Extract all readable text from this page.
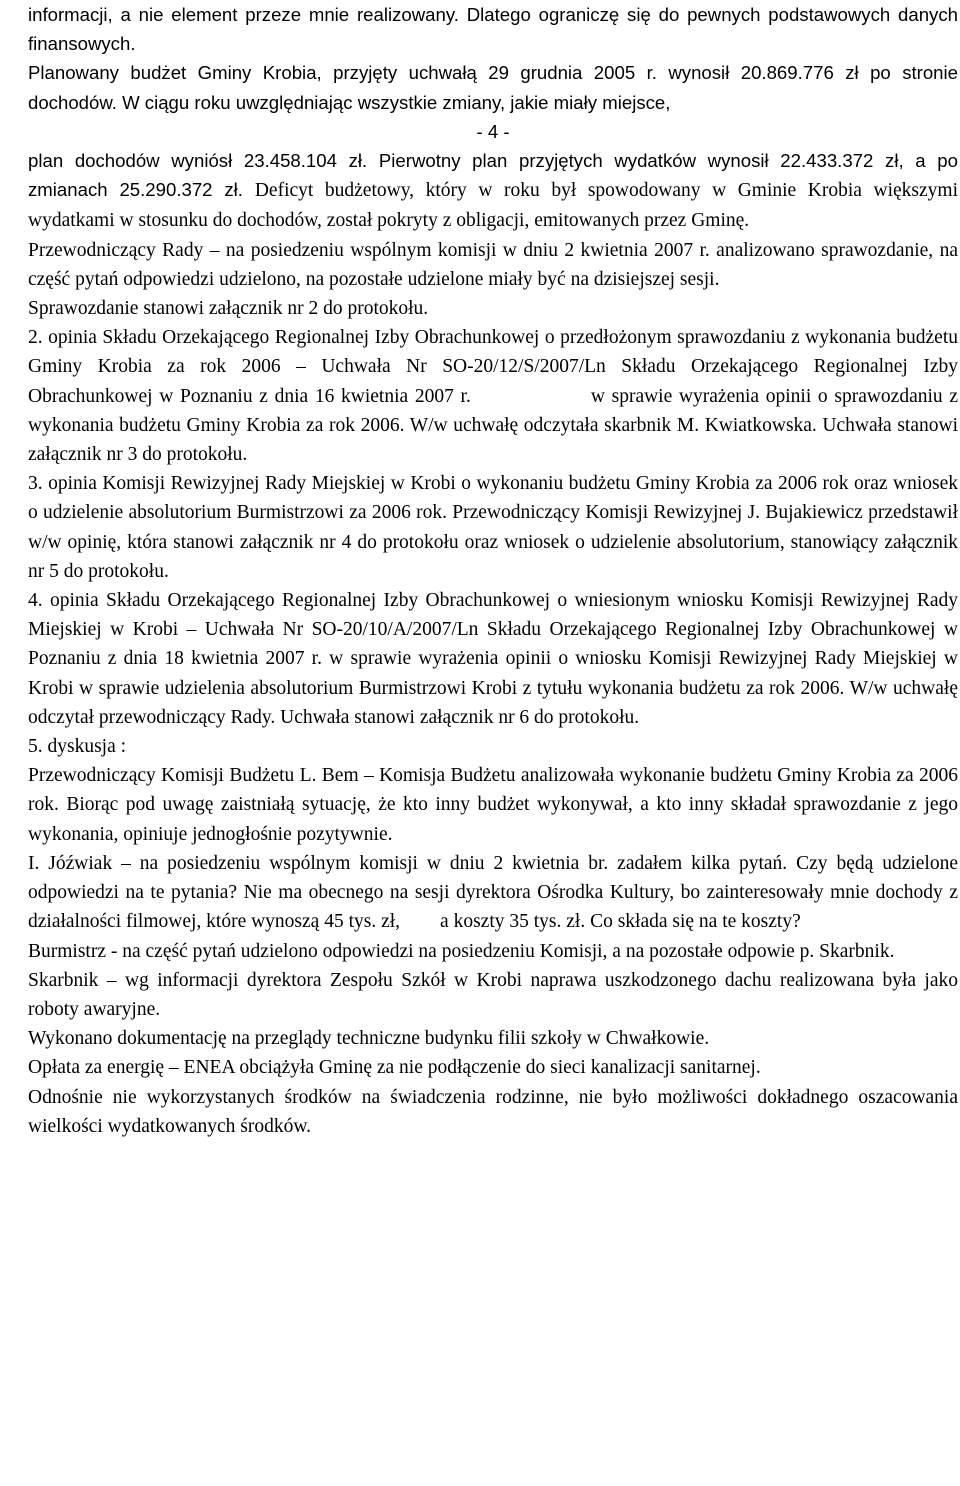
informacji, a nie element przeze mnie realizowany. Dlatego ograniczę się do pewnych podstawowych danych finansowych.

Planowany budżet Gminy Krobia, przyjęty uchwałą 29 grudnia 2005 r. wynosił 20.869.776 zł po stronie dochodów. W ciągu roku uwzględniając wszystkie zmiany, jakie miały miejsce,

- 4 -

plan dochodów wyniósł 23.458.104 zł. Pierwotny plan przyjętych wydatków wynosił 22.433.372 zł, a po zmianach 25.290.372 zł. Deficyt budżetowy, który w roku był spowodowany w Gminie Krobia większymi wydatkami w stosunku do dochodów, został pokryty z obligacji, emitowanych przez Gminę.

Przewodniczący Rady – na posiedzeniu wspólnym komisji w dniu 2 kwietnia 2007 r. analizowano sprawozdanie, na część pytań odpowiedzi udzielono, na pozostałe udzielone miały być na dzisiejszej sesji.

Sprawozdanie stanowi załącznik nr 2 do protokołu.

2. opinia Składu Orzekającego Regionalnej Izby Obrachunkowej o przedłożonym sprawozdaniu z wykonania budżetu Gminy Krobia za rok 2006 – Uchwała Nr SO-20/12/S/2007/Ln Składu Orzekającego Regionalnej Izby Obrachunkowej w Poznaniu z dnia 16 kwietnia 2007 r.	w sprawie wyrażenia opinii o sprawozdaniu z wykonania budżetu Gminy Krobia za rok 2006. W/w uchwałę odczytała skarbnik M. Kwiatkowska. Uchwała stanowi załącznik nr 3 do protokołu.

3. opinia Komisji Rewizyjnej Rady Miejskiej w Krobi o wykonaniu budżetu Gminy Krobia za 2006 rok oraz wniosek o udzielenie absolutorium Burmistrzowi za 2006 rok. Przewodniczący Komisji Rewizyjnej J. Bujakiewicz przedstawił w/w opinię, która stanowi załącznik nr 4 do protokołu oraz wniosek o udzielenie absolutorium, stanowiący załącznik nr 5 do protokołu.

4. opinia Składu Orzekającego Regionalnej Izby Obrachunkowej o wniesionym wniosku Komisji Rewizyjnej Rady Miejskiej w Krobi – Uchwała Nr SO-20/10/A/2007/Ln Składu Orzekającego Regionalnej Izby Obrachunkowej w Poznaniu z dnia 18 kwietnia 2007 r. w sprawie wyrażenia opinii o wniosku Komisji Rewizyjnej Rady Miejskiej w Krobi w sprawie udzielenia absolutorium Burmistrzowi Krobi z tytułu wykonania budżetu za rok 2006. W/w uchwałę odczytał przewodniczący Rady. Uchwała stanowi załącznik nr 6 do protokołu.

5. dyskusja :

Przewodniczący Komisji Budżetu L. Bem – Komisja Budżetu analizowała wykonanie budżetu Gminy Krobia za 2006 rok. Biorąc pod uwagę zaistniałą sytuację, że kto inny budżet wykonywał, a kto inny składał sprawozdanie z jego wykonania, opiniuje jednogłośnie pozytywnie.

I. Jóźwiak – na posiedzeniu wspólnym komisji w dniu 2 kwietnia br. zadałem kilka pytań. Czy będą udzielone odpowiedzi na te pytania? Nie ma obecnego na sesji dyrektora Ośrodka Kultury, bo zainteresowały mnie dochody z działalności filmowej, które wynoszą 45 tys. zł, a koszty 35 tys. zł. Co składa się na te koszty?

Burmistrz - na część pytań udzielono odpowiedzi na posiedzeniu Komisji, a na pozostałe odpowie p. Skarbnik.

Skarbnik – wg informacji dyrektora Zespołu Szkół w Krobi naprawa uszkodzonego dachu realizowana była jako roboty awaryjne.

Wykonano dokumentację na przeglądy techniczne budynku filii szkoły w Chwałkowie.

Opłata za energię – ENEA obciążyła Gminę za nie podłączenie do sieci kanalizacji sanitarnej.

Odnośnie nie wykorzystanych środków na świadczenia rodzinne, nie było możliwości dokładnego oszacowania wielkości wydatkowanych środków.
